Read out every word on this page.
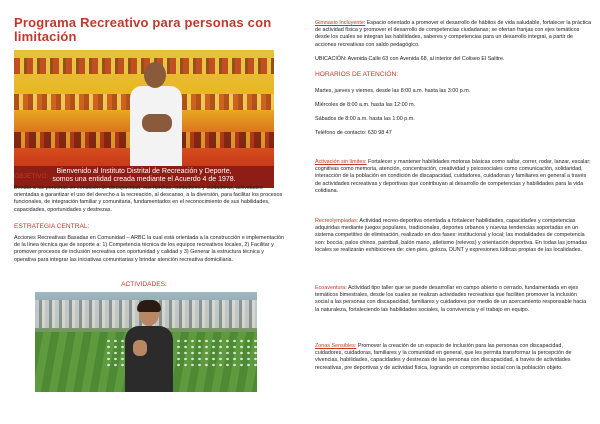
Programa Recreativo para personas con limitación
Bienvenido al Instituto Distrital de Recreación y Deporte,
somos una entidad creada mediante el Acuerdo 4 de 1978.
OBJETIVO:

Brindar a las personas en condición de discapacidad, sus familias, cuidadores y cuidadoras, actividades orientadas a garantizar el uso del derecho a la recreación, al descanso, a la diversión, para facilitar los procesos funcionales, de integración familiar y comunitaria, fundamentados en el reconocimiento de sus habilidades, capacidades, oportunidades y destrezas.

ESTRATEGIA CENTRAL:

Acciones Recreativas Basadas en Comunidad – ARBC la cual está orientada a la construcción e implementación de la línea técnica que de soporte a: 1) Competencia técnica de los equipos recreativos locales, 2) Facilitar y promover procesos de inclusión recreativa con oportunidad y calidad y 3) Generar la estructura técnica y operativa para integrar las iniciativas comunitarias y brindar atención recreativa domiciliaria.

ACTIVIDADES:

Gimnasio Incluyente: Espacio orientado a promover el desarrollo de hábitos de vida saludable, fortalecer la práctica de actividad física y promover el desarrollo de competencias ciudadanas; se ofertan franjas con ejes temáticos desde los cuales se integran las habilidades, saberes y competencias para un desarrollo integral, a partir de acciones recreativas con saldo pedagógico.

UBICACIÓN: Avenida Calle 63 con Avenida 68, al interior del Coliseo El Salitre.

HORARIOS DE ATENCIÓN:

Martes, jueves y viernes, desde las 8:00 a.m. hasta las 3:00 p.m.

Miércoles de 8:00 a.m. hasta las 12:00 m.

Sábados de 8:00 a.m. hasta las 1:00 p.m.

Teléfono de contacto: 630 98 47

Activación sin límites: Fortalecer y mantener habilidades motoras básicas como saltar, correr, rodar, lanzar, escalar; cognitivas como memoria, atención, concentración, creatividad y psicosociales como comunicación, solidaridad, interacción de la población en condición de discapacidad, cuidadores, cuidadoras y familiares en general a través de actividades recreativas y deportivas que contribuyan al desarrollo de competencias y habilidades para la vida cotidiana.

Recreolympiadas: Actividad recreo-deportiva orientada a fortalecer habilidades, capacidades y competencias adquiridas mediante juegos populares, tradicionales, deportes urbanos y nuevas tendencias soportadas en un sistema competitivo de eliminación, realizado en dos fases: institucional y local; las modalidades de competencia son: boccia, palos chinos, paintball, balón mano, atletismo (relevos) y orientación deportiva. En todas las jornadas locales se realizarán exhibiciones de: cien pies, goloza, DUNT y expresiones lúdicas propias de las localidades.

Ecoaventura: Actividad tipo taller que se puede desarrollar en campo abierto o cerrado, fundamentada en ejes temáticos bimestrales, desde los cuales se realizan actividades recreativas que faciliten promover la inclusión social a las personas con discapacidad, familiares y cuidadores por medio de un acercamiento responsable hacia la naturaleza, fortaleciendo las habilidades sociales, la convivencia y el trabajo en equipo.

Zonas Sensibles: Promover la creación de un espacio de inclusión para las personas con discapacidad, cuidadores, cuidadoras, familiares y la comunidad en general, que les permita transformar la percepción de vivencias, habilidades, capacidades y destrezas de las personas con discapacidad, a través de actividades recreativas, pre deportivas y de actividad física, logrando un compromiso social con la población objeto.
